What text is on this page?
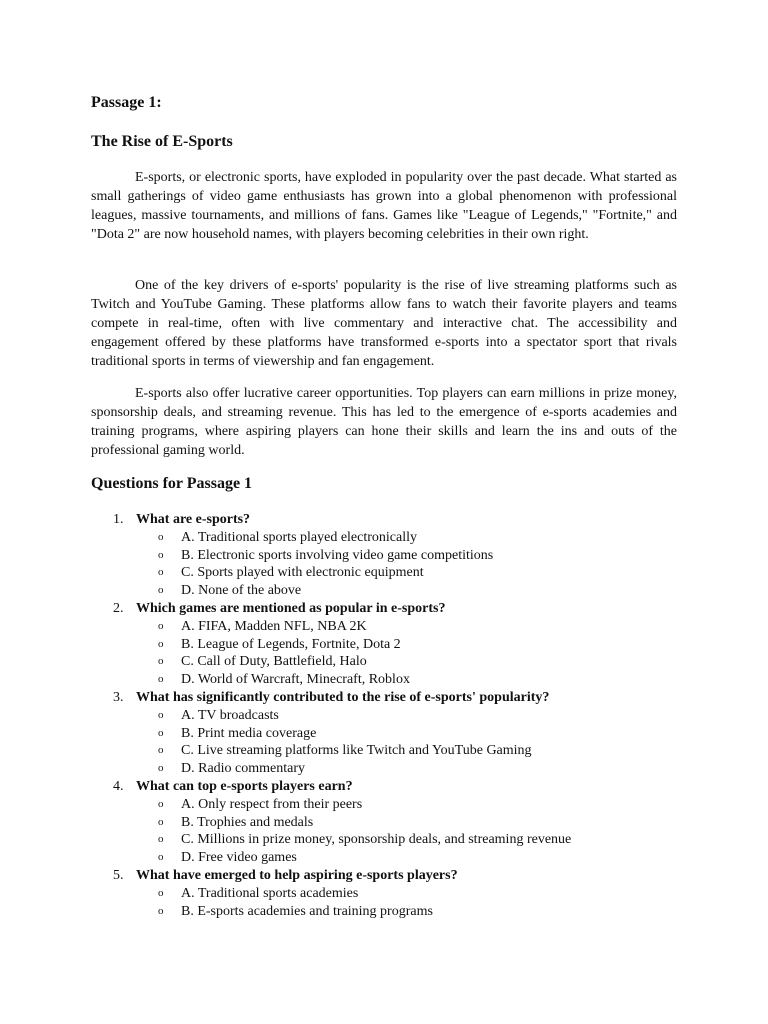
Passage 1:
The Rise of E-Sports

E-sports, or electronic sports, have exploded in popularity over the past decade. What started as small gatherings of video game enthusiasts has grown into a global phenomenon with professional leagues, massive tournaments, and millions of fans. Games like "League of Legends," "Fortnite," and "Dota 2" are now household names, with players becoming celebrities in their own right.

One of the key drivers of e-sports' popularity is the rise of live streaming platforms such as Twitch and YouTube Gaming. These platforms allow fans to watch their favorite players and teams compete in real-time, often with live commentary and interactive chat. The accessibility and engagement offered by these platforms have transformed e-sports into a spectator sport that rivals traditional sports in terms of viewership and fan engagement.

E-sports also offer lucrative career opportunities. Top players can earn millions in prize money, sponsorship deals, and streaming revenue. This has led to the emergence of e-sports academies and training programs, where aspiring players can hone their skills and learn the ins and outs of the professional gaming world.

Questions for Passage 1
1. What are e-sports?
o A. Traditional sports played electronically
o B. Electronic sports involving video game competitions
o C. Sports played with electronic equipment
o D. None of the above
2. Which games are mentioned as popular in e-sports?
o A. FIFA, Madden NFL, NBA 2K
o B. League of Legends, Fortnite, Dota 2
o C. Call of Duty, Battlefield, Halo
o D. World of Warcraft, Minecraft, Roblox
3. What has significantly contributed to the rise of e-sports' popularity?
o A. TV broadcasts
o B. Print media coverage
o C. Live streaming platforms like Twitch and YouTube Gaming
o D. Radio commentary
4. What can top e-sports players earn?
o A. Only respect from their peers
o B. Trophies and medals
o C. Millions in prize money, sponsorship deals, and streaming revenue
o D. Free video games
5. What have emerged to help aspiring e-sports players?
o A. Traditional sports academies
o B. E-sports academies and training programs
